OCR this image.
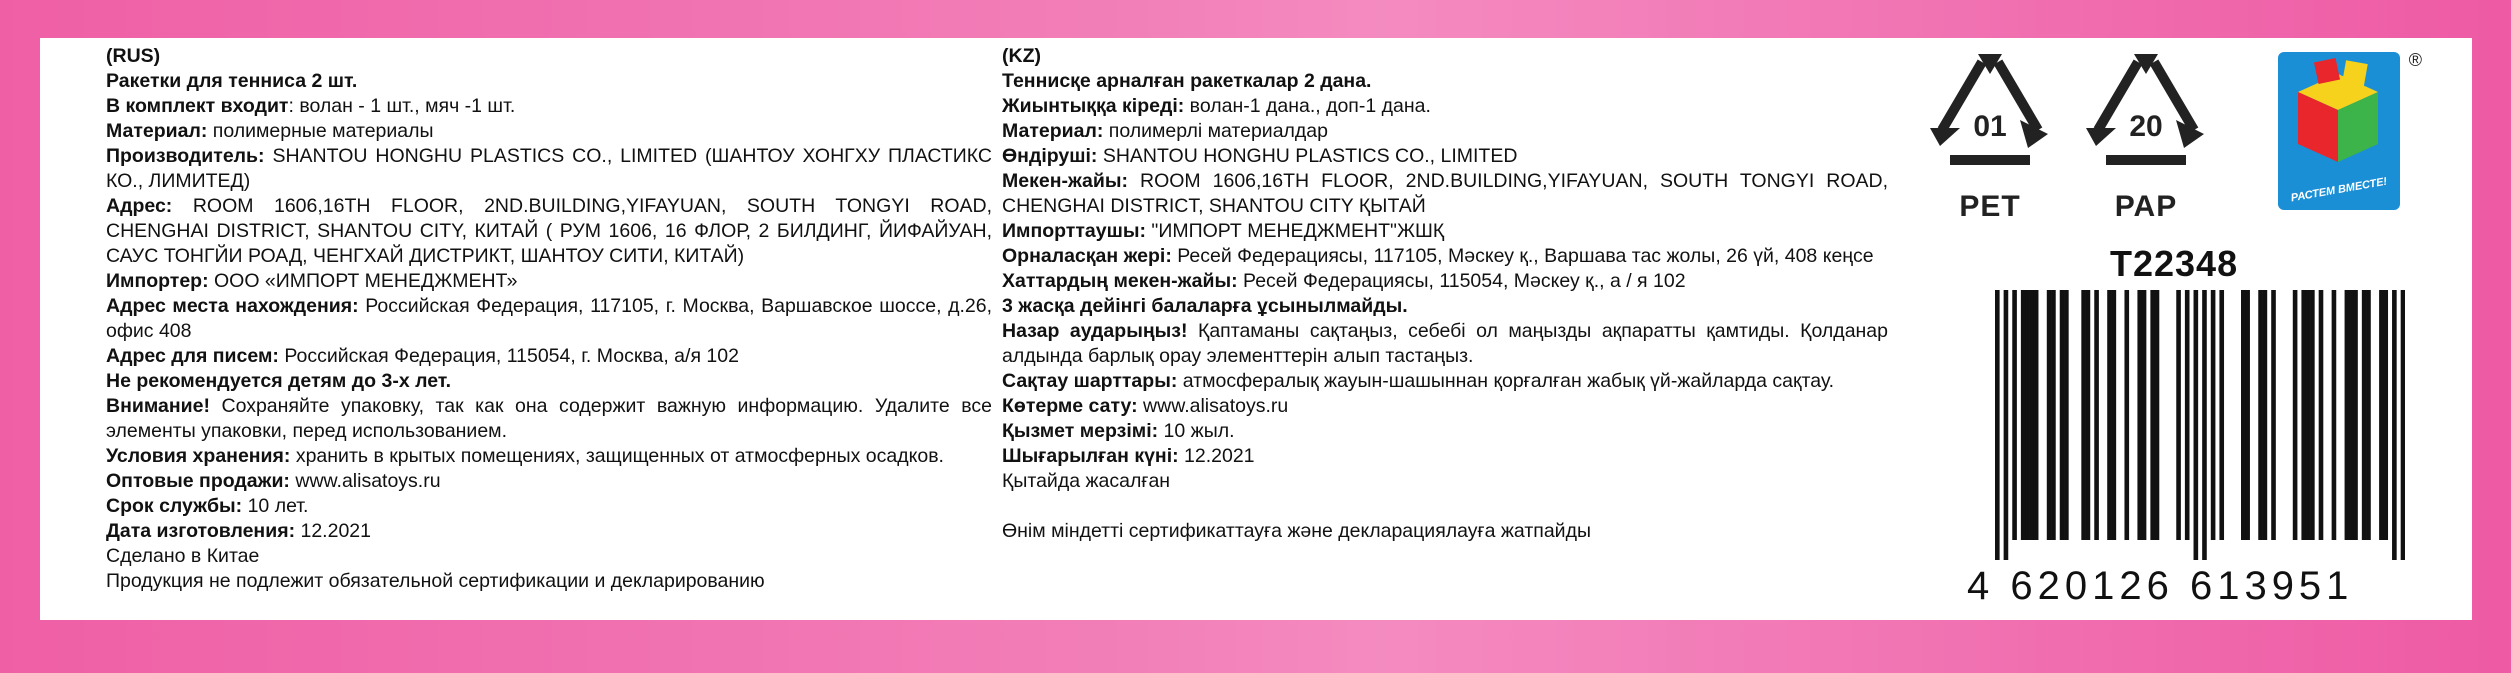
(RUS)

Ракетки для тенниса 2 шт.

В комплект входит: волан - 1 шт., мяч -1 шт.

Материал: полимерные материалы

Производитель: SHANTOU HONGHU PLASTICS CO., LIMITED (ШАНТОУ ХОНГХУ ПЛАСТИКС КО., ЛИМИТЕД)

Адрес: ROOM 1606,16TH FLOOR, 2ND.BUILDING,YIFAYUAN, SOUTH TONGYI ROAD, CHENGHAI DISTRICT, SHANTOU CITY, КИТАЙ ( РУМ 1606, 16 ФЛОР, 2 БИЛДИНГ, ЙИФАЙУАН, САУС ТОНГЙИ РОАД, ЧЕНГХАЙ ДИСТРИКТ, ШАНТОУ СИТИ, КИТАЙ)

Импортер: ООО «ИМПОРТ МЕНЕДЖМЕНТ»

Адрес места нахождения: Российская Федерация, 117105, г. Москва, Варшавское шоссе, д.26, офис 408

Адрес для писем: Российская Федерация, 115054, г. Москва, а/я 102

Не рекомендуется детям до 3-х лет.

Внимание! Сохраняйте упаковку, так как она содержит важную информацию. Удалите все элементы упаковки, перед использованием.

Условия хранения: хранить в крытых помещениях, защищенных от атмосферных осадков.

Оптовые продажи: www.alisatoys.ru

Срок службы: 10 лет.

Дата изготовления: 12.2021

Сделано в Китае

Продукция не подлежит обязательной сертификации и декларированию

(KZ)

Теннисқе арналған ракеткалар 2 дана.

Жиынтыққа кіреді: волан-1 дана., доп-1 дана.

Материал: полимерлі материалдар

Өндіруші: SHANTOU HONGHU PLASTICS CO., LIMITED

Мекен-жайы: ROOM 1606,16TH FLOOR, 2ND.BUILDING,YIFAYUAN, SOUTH TONGYI ROAD, CHENGHAI DISTRICT, SHANTOU CITY ҚЫТАЙ

Импорттаушы: "ИМПОРТ МЕНЕДЖМЕНТ"ЖШҚ

Орналасқан жері: Ресей Федерациясы, 117105, Мәскеу қ., Варшава тас жолы, 26 үй, 408 кеңсе

Хаттардың мекен-жайы: Ресей Федерациясы, 115054, Мәскеу қ., а / я 102

3 жасқа дейінгі балаларға ұсынылмайды.

Назар аударыңыз! Қаптаманы сақтаңыз, себебі ол маңызды ақпаратты қамтиды. Қолданар алдында барлық орау элементтерін алып тастаңыз.

Сақтау шарттары: атмосфералық жауын-шашыннан қорғалған жабық үй-жайларда сақтау.

Көтерме сату: www.alisatoys.ru

Қызмет мерзімі: 10 жыл.

Шығарылған күні: 12.2021

Қытайда жасалған

Өнім міндетті сертификаттауға және декларациялауға жатпайды

01
PET
20
PAP
®
РАСТЕМ ВМЕСТЕ!
T22348
4 620126 613951
